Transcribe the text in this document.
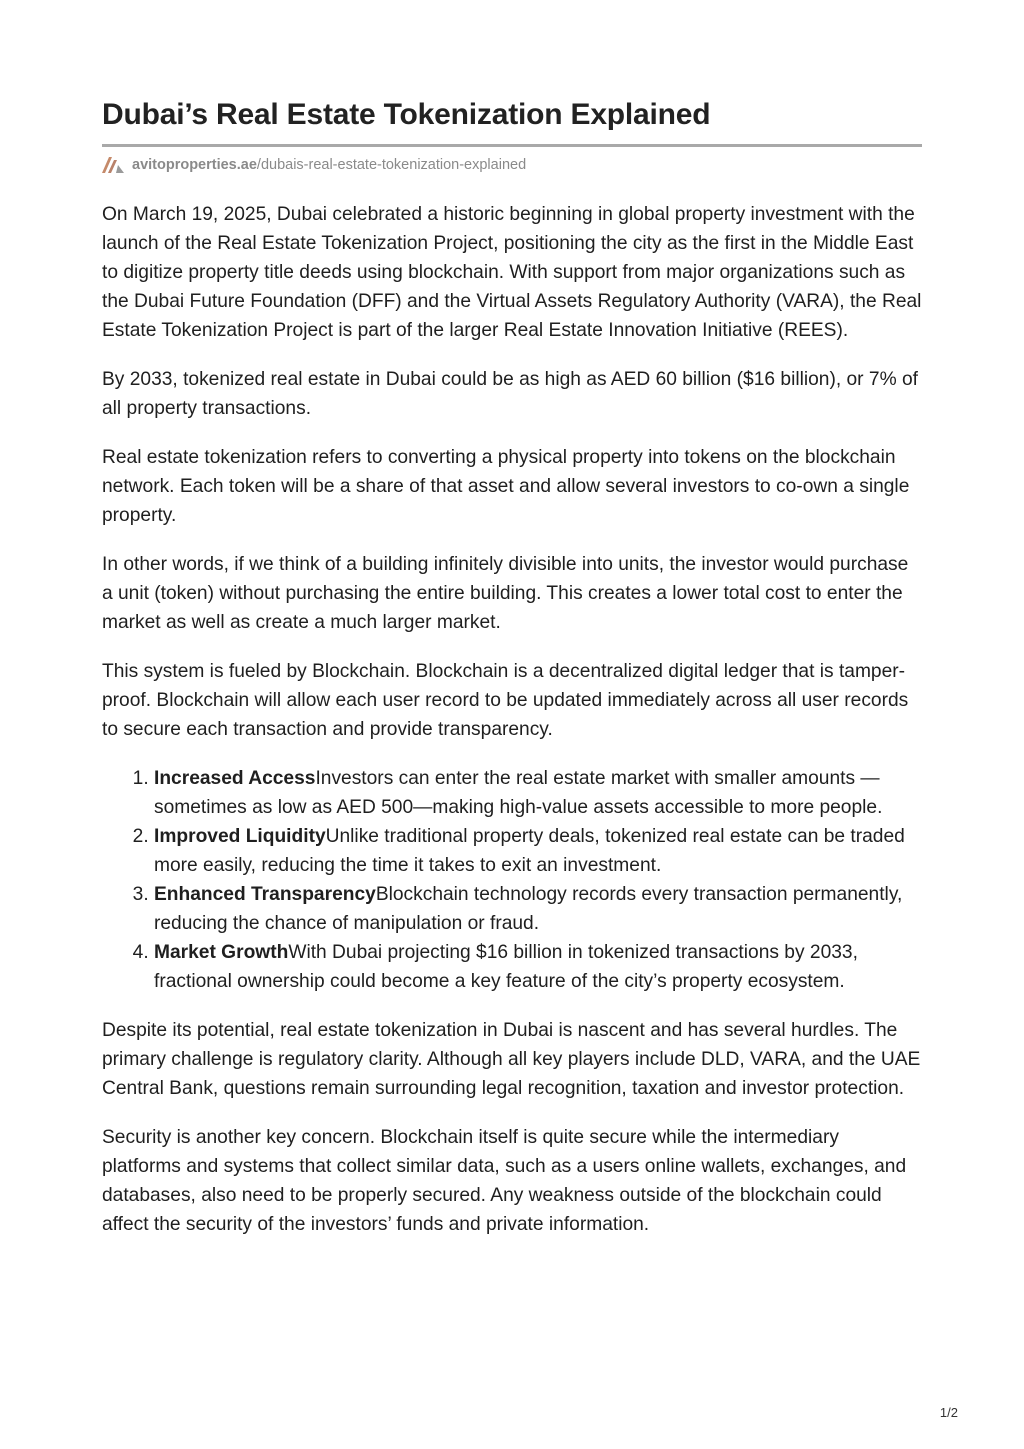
Dubai’s Real Estate Tokenization Explained
avitoproperties.ae /dubais-real-estate-tokenization-explained

On March 19, 2025, Dubai celebrated a historic beginning in global property investment with the launch of the Real Estate Tokenization Project, positioning the city as the first in the Middle East to digitize property title deeds using blockchain. With support from major organizations such as the Dubai Future Foundation (DFF) and the Virtual Assets Regulatory Authority (VARA), the Real Estate Tokenization Project is part of the larger Real Estate Innovation Initiative (REES).

By 2033, tokenized real estate in Dubai could be as high as AED 60 billion ($16 billion), or 7% of all property transactions.

Real estate tokenization refers to converting a physical property into tokens on the blockchain network. Each token will be a share of that asset and allow several investors to co-own a single property.

In other words, if we think of a building infinitely divisible into units, the investor would purchase a unit (token) without purchasing the entire building. This creates a lower total cost to enter the market as well as create a much larger market.

This system is fueled by Blockchain. Blockchain is a decentralized digital ledger that is tamper-proof. Blockchain will allow each user record to be updated immediately across all user records to secure each transaction and provide transparency.

1. Increased AccessInvestors can enter the real estate market with smaller amounts —sometimes as low as AED 500—making high-value assets accessible to more people.
2. Improved LiquidityUnlike traditional property deals, tokenized real estate can be traded more easily, reducing the time it takes to exit an investment.
3. Enhanced TransparencyBlockchain technology records every transaction permanently, reducing the chance of manipulation or fraud.
4. Market GrowthWith Dubai projecting $16 billion in tokenized transactions by 2033, fractional ownership could become a key feature of the city’s property ecosystem.

Despite its potential, real estate tokenization in Dubai is nascent and has several hurdles. The primary challenge is regulatory clarity. Although all key players include DLD, VARA, and the UAE Central Bank, questions remain surrounding legal recognition, taxation and investor protection.

Security is another key concern. Blockchain itself is quite secure while the intermediary platforms and systems that collect similar data, such as a users online wallets, exchanges, and databases, also need to be properly secured. Any weakness outside of the blockchain could affect the security of the investors’ funds and private information.

1/2
